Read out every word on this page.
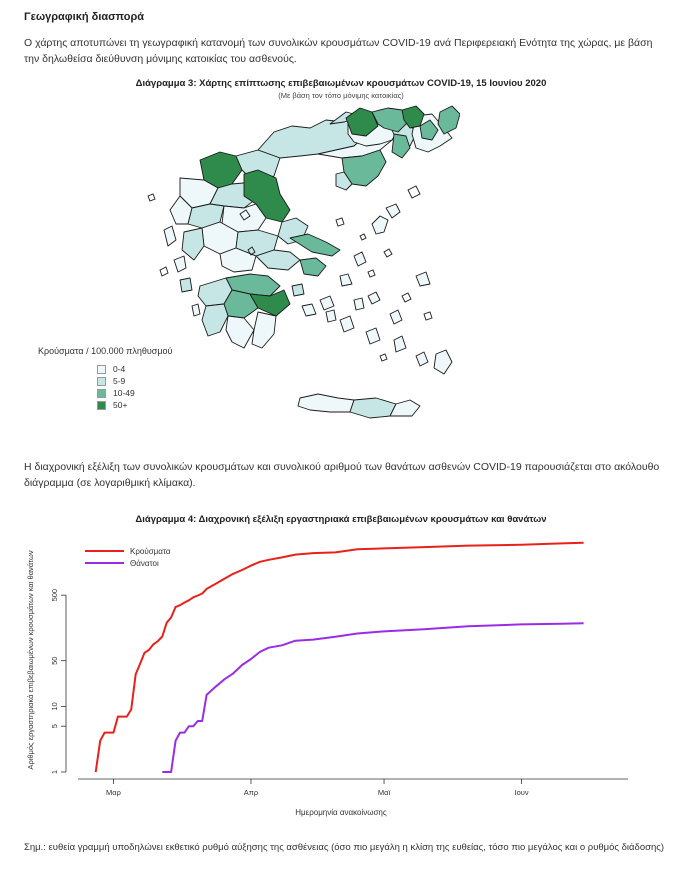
Γεωγραφική διασπορά
Ο χάρτης αποτυπώνει τη γεωγραφική κατανομή των συνολικών κρουσμάτων COVID-19 ανά Περιφερειακή Ενότητα της χώρας, με βάση την δηλωθείσα διεύθυνση μόνιμης κατοικίας του ασθενούς.
Διάγραμμα 3: Χάρτης επίπτωσης επιβεβαιωμένων κρουσμάτων COVID-19, 15 Ιουνίου 2020
(Με βάση τον τόπο μόνιμης κατοικίας)
Κρούσματα / 100.000 πληθυσμού
0-4
5-9
10-49
50+
Η διαχρονική εξέλιξη των συνολικών κρουσμάτων και συνολικού αριθμού των θανάτων ασθενών COVID-19 παρουσιάζεται στο ακόλουθο διάγραμμα (σε λογαριθμική κλίμακα).
Διάγραμμα 4: Διαχρονική εξέλιξη εργαστηριακά επιβεβαιωμένων κρουσμάτων και θανάτων
1
5
10
50
500
Μαρ	Απρ	Μαϊ	Ιουν
Κρούσματα
Θάνατοι
Αριθμός εργαστηριακά επιβεβαιωμένων κρουσμάτων και θανάτων
Ημερομηνία ανακοίνωσης
Σημ.: ευθεία γραμμή υποδηλώνει εκθετικό ρυθμό αύξησης της ασθένειας (όσο πιο μεγάλη η κλίση της ευθείας, τόσο πιο μεγάλος και ο ρυθμός διάδοσης)
